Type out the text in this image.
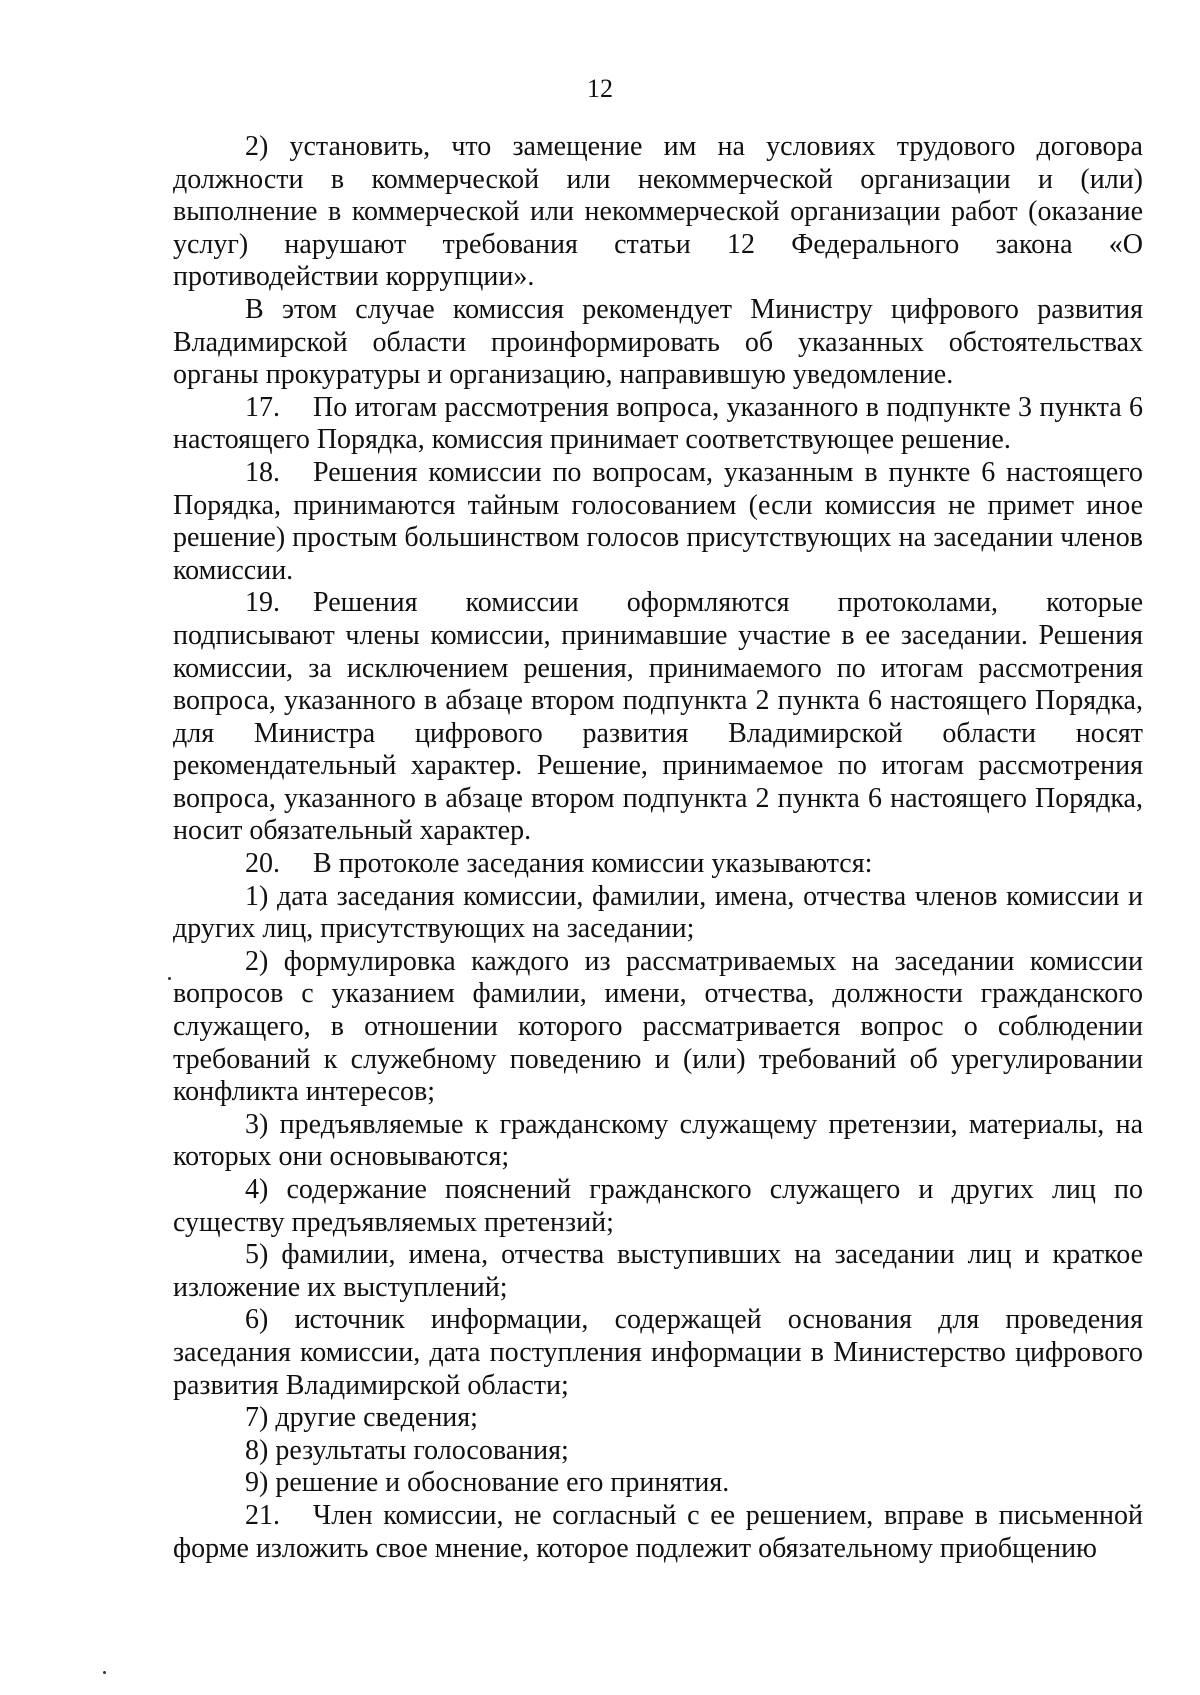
12

2) установить, что замещение им на условиях трудового договора должности в коммерческой или некоммерческой организации и (или) выполнение в коммерческой или некоммерческой организации работ (оказание услуг) нарушают требования статьи 12 Федерального закона «О противодействии коррупции».

В этом случае комиссия рекомендует Министру цифрового развития Владимирской области проинформировать об указанных обстоятельствах органы прокуратуры и организацию, направившую уведомление.

17. По итогам рассмотрения вопроса, указанного в подпункте 3 пункта 6 настоящего Порядка, комиссия принимает соответствующее решение.

18. Решения комиссии по вопросам, указанным в пункте 6 настоящего Порядка, принимаются тайным голосованием (если комиссия не примет иное решение) простым большинством голосов присутствующих на заседании членов комиссии.

19. Решения комиссии оформляются протоколами, которые подписывают члены комиссии, принимавшие участие в ее заседании. Решения комиссии, за исключением решения, принимаемого по итогам рассмотрения вопроса, указанного в абзаце втором подпункта 2 пункта 6 настоящего Порядка, для Министра цифрового развития Владимирской области носят рекомендательный характер. Решение, принимаемое по итогам рассмотрения вопроса, указанного в абзаце втором подпункта 2 пункта 6 настоящего Порядка, носит обязательный характер.

20. В протоколе заседания комиссии указываются:

1) дата заседания комиссии, фамилии, имена, отчества членов комиссии и других лиц, присутствующих на заседании;

2) формулировка каждого из рассматриваемых на заседании комиссии вопросов с указанием фамилии, имени, отчества, должности гражданского служащего, в отношении которого рассматривается вопрос о соблюдении требований к служебному поведению и (или) требований об урегулировании конфликта интересов;

3) предъявляемые к гражданскому служащему претензии, материалы, на которых они основываются;

4) содержание пояснений гражданского служащего и других лиц по существу предъявляемых претензий;

5) фамилии, имена, отчества выступивших на заседании лиц и краткое изложение их выступлений;

6) источник информации, содержащей основания для проведения заседания комиссии, дата поступления информации в Министерство цифрового развития Владимирской области;

7) другие сведения;

8) результаты голосования;

9) решение и обоснование его принятия.

21. Член комиссии, не согласный с ее решением, вправе в письменной форме изложить свое мнение, которое подлежит обязательному приобщению
